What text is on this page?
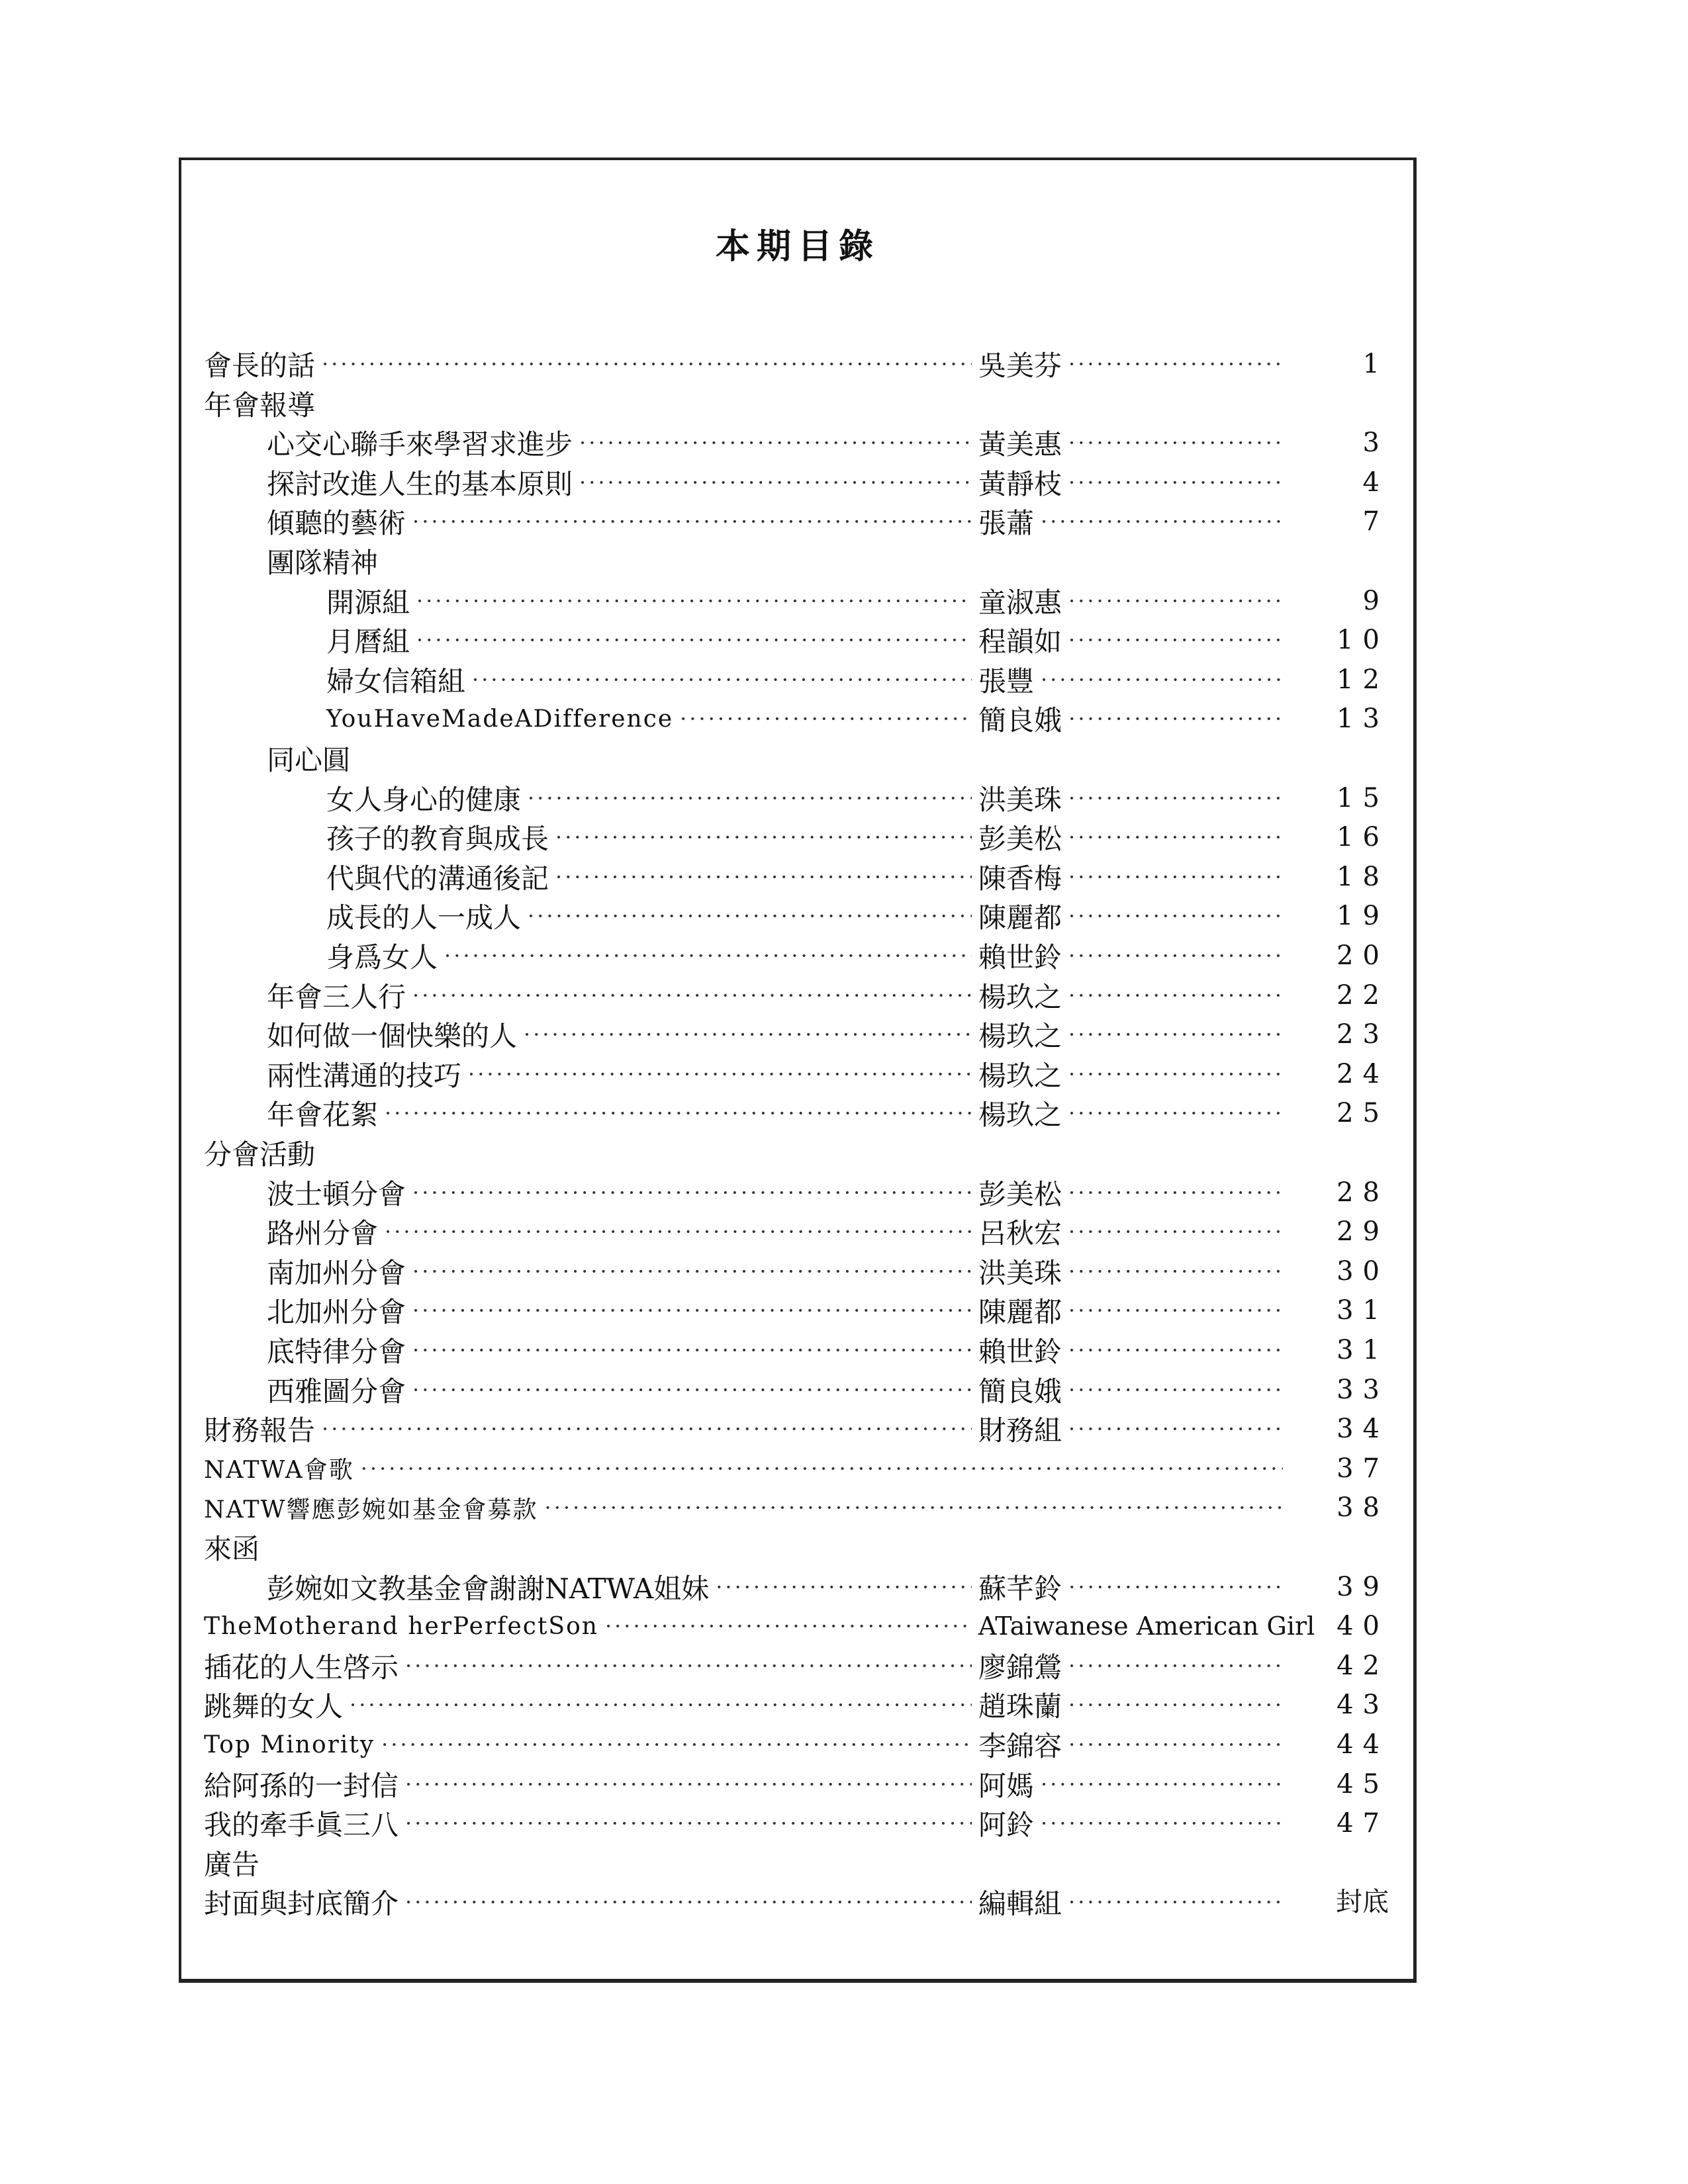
本期目錄
會長的話 ·····	吳美芬 ·····	1
年會報導
心交心聯手來學習求進步 ·····	黃美惠 ·····	3
探討改進人生的基本原則 ·····	黃靜枝 ·····	4
傾聽的藝術 ·····	張蕭 ·····	7
團隊精神
開源組 ·····	童淑惠 ·····	9
月曆組 ·····	程韻如 ·····	10
婦女信箱組 ·····	張豐 ·····	12
YouHaveMadeADifference ·····	簡良娥 ·····	13
同心圓
女人身心的健康 ·····	洪美珠 ·····	15
孩子的教育與成長 ·····	彭美松 ·····	16
代與代的溝通後記 ·····	陳香梅 ·····	18
成長的人一成人 ·····	陳麗都 ·····	19
身爲女人 ·····	賴世鈴 ·····	20
年會三人行 ·····	楊玖之 ·····	22
如何做一個快樂的人 ·····	楊玖之 ·····	23
兩性溝通的技巧 ·····	楊玖之 ·····	24
年會花絮 ·····	楊玖之 ·····	25
分會活動
波士頓分會 ·····	彭美松 ·····	28
路州分會 ·····	呂秋宏 ·····	29
南加州分會 ·····	洪美珠 ·····	30
北加州分會 ·····	陳麗都 ·····	31
底特律分會 ·····	賴世鈴 ·····	31
西雅圖分會 ·····	簡良娥 ·····	33
財務報告 ·····	財務組 ·····	34
NATWA會歌 ·····	37
NATW響應彭婉如基金會募款 ·····	38
來函
彭婉如文教基金會謝謝NATWA姐妹 ·····	蘇芊鈴 ·····	39
TheMotherand herPerfectSon ·····	ATaiwanese American Girl 40
插花的人生啓示 ·····	廖錦鶯 ·····	42
跳舞的女人 ·····	趙珠蘭 ·····	43
Top Minority ·····	李錦容 ·····	44
給阿孫的一封信 ·····	阿媽 ·····	45
我的牽手眞三八 ·····	阿鈴 ·····	47
廣告
封面與封底簡介 ·····	編輯組 ·····	封底
